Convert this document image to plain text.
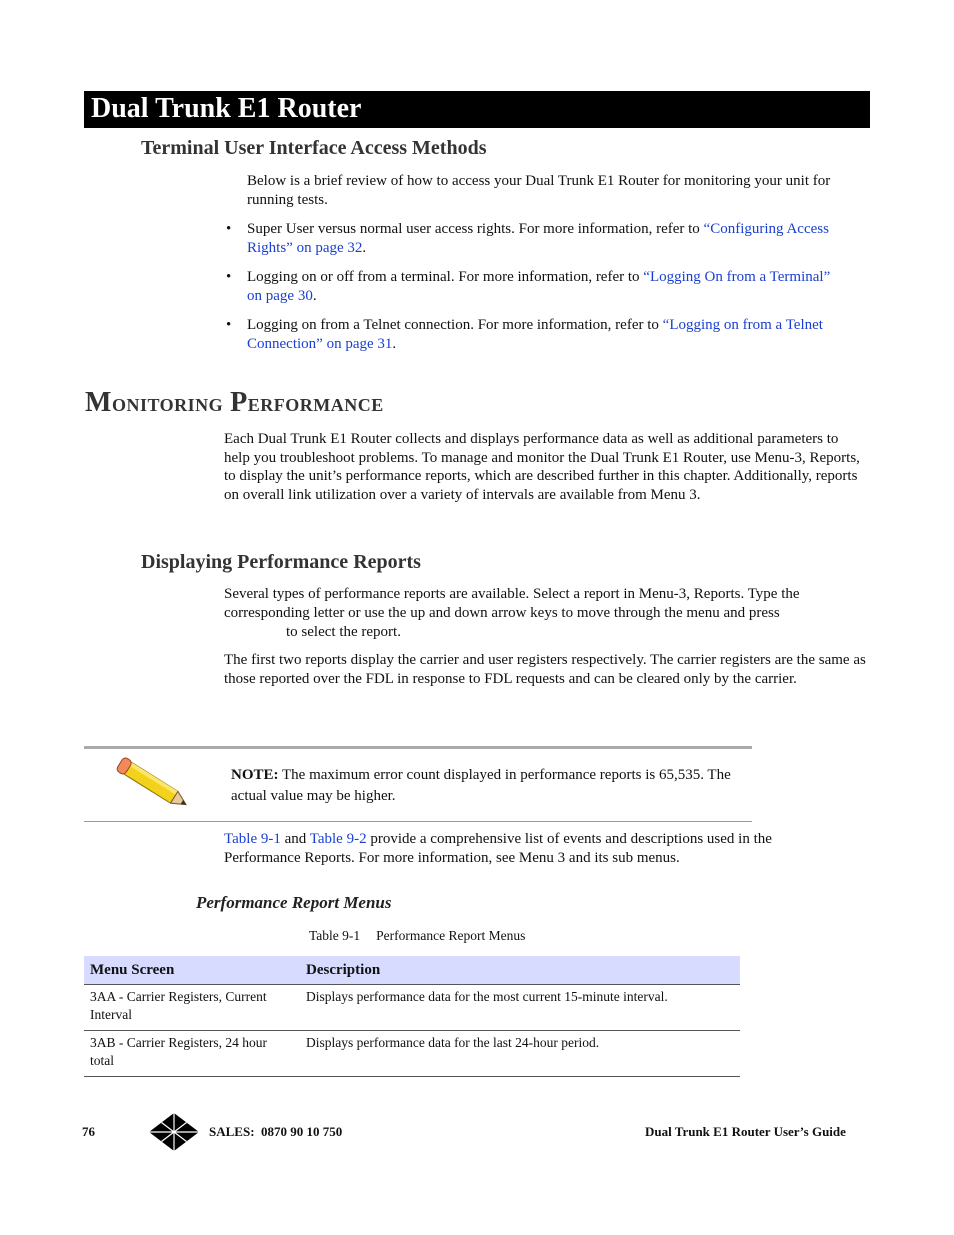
Dual Trunk E1 Router
Terminal User Interface Access Methods
Below is a brief review of how to access your Dual Trunk E1 Router for monitoring your unit for running tests.
• Super User versus normal user access rights. For more information, refer to “Configuring Access Rights” on page 32.
• Logging on or off from a terminal. For more information, refer to “Logging On from a Terminal” on page 30.
• Logging on from a Telnet connection. For more information, refer to “Logging on from a Telnet Connection” on page 31.
Monitoring Performance
Each Dual Trunk E1 Router collects and displays performance data as well as additional parameters to help you troubleshoot problems. To manage and monitor the Dual Trunk E1 Router, use Menu-3, Reports, to display the unit’s performance reports, which are described further in this chapter. Additionally, reports on overall link utilization over a variety of intervals are available from Menu 3.
Displaying Performance Reports
Several types of performance reports are available. Select a report in Menu-3, Reports. Type the
corresponding letter or use the up and down arrow keys to move through the menu and press
to select the report.
The first two reports display the carrier and user registers respectively. The carrier registers are the same as those reported over the FDL in response to FDL requests and can be cleared only by the carrier.
NOTE: The maximum error count displayed in performance reports is 65,535. The actual value may be higher.
Table 9-1 and Table 9-2 provide a comprehensive list of events and descriptions used in the Performance Reports. For more information, see Menu 3 and its sub menus.
Performance Report Menus
Table 9-1 Performance Report Menus
Menu Screen	Description
3AA - Carrier Registers, Current Interval	Displays performance data for the most current 15-minute interval.
3AB - Carrier Registers, 24 hour total	Displays performance data for the last 24-hour period.
76	SALES:  0870 90 10 750	Dual Trunk E1 Router User’s Guide
